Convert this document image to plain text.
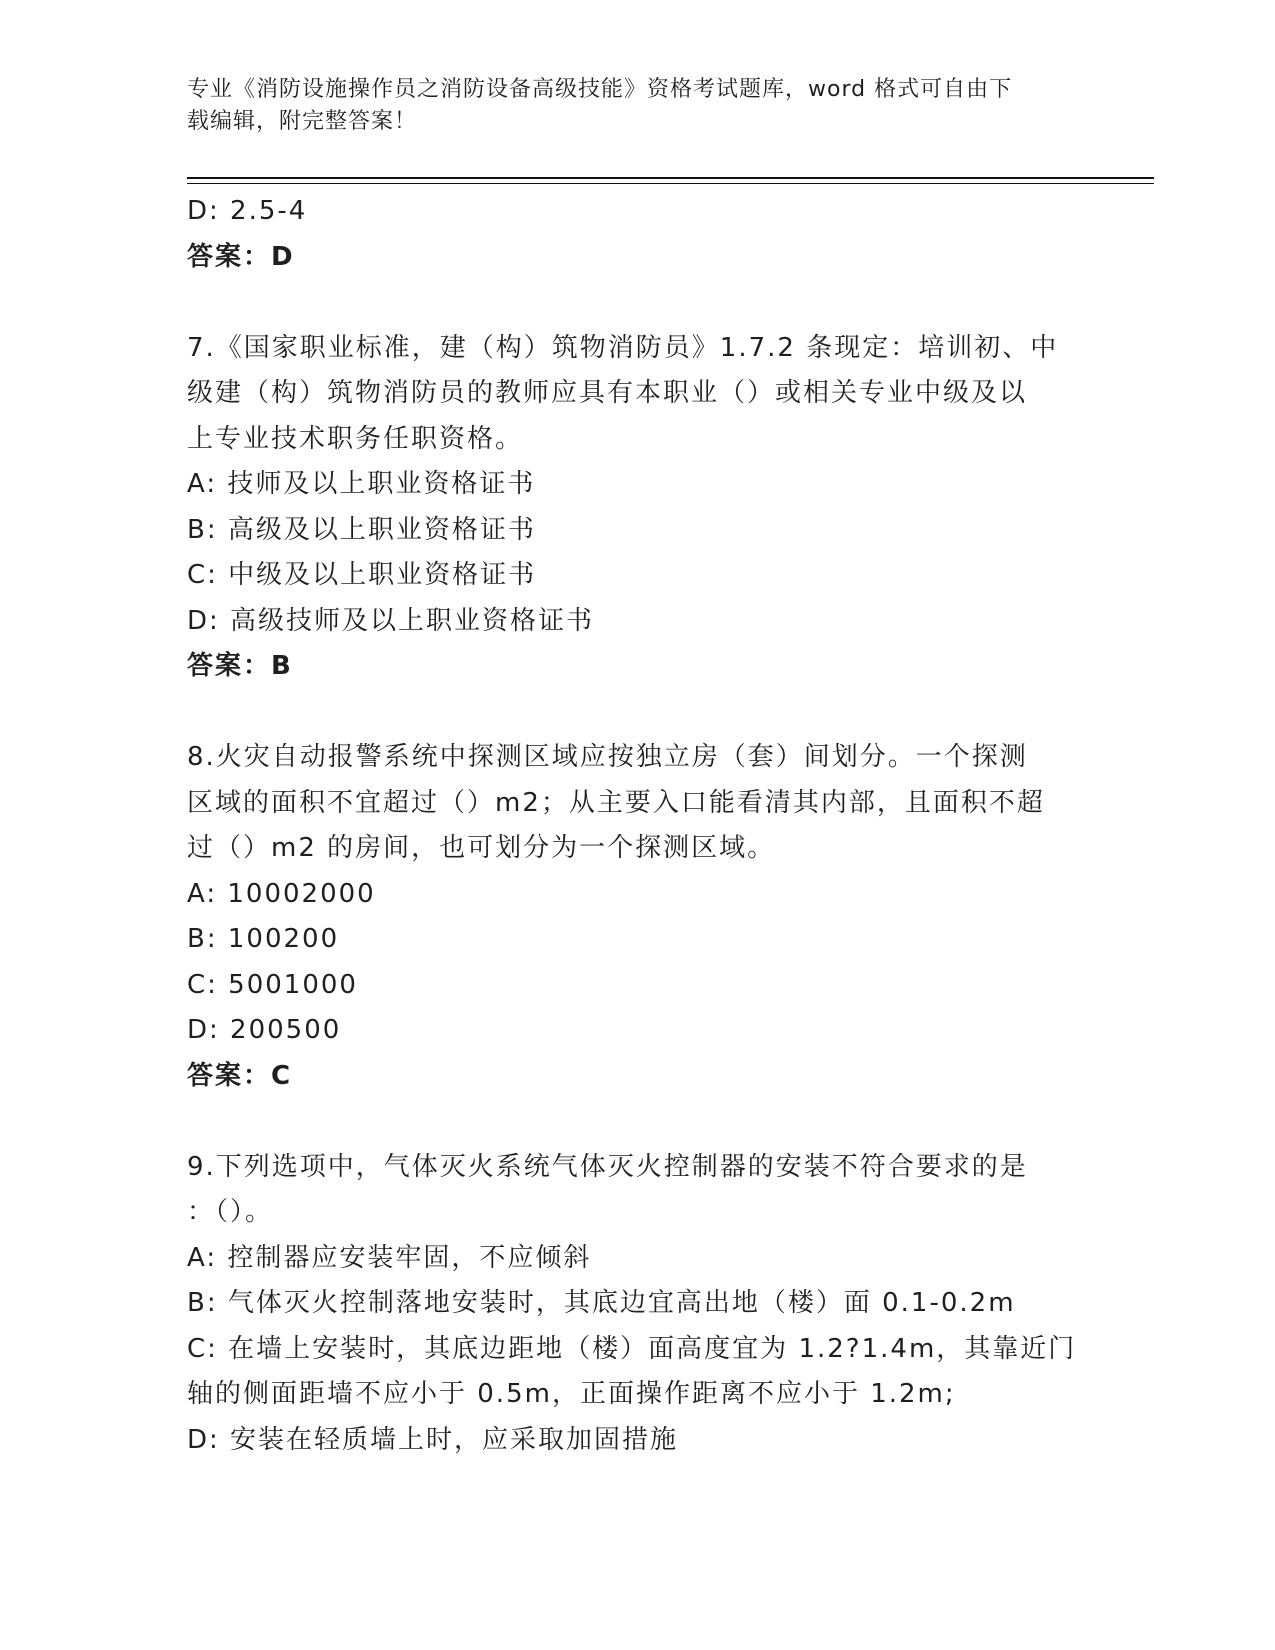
专业《消防设施操作员之消防设备高级技能》资格考试题库，word 格式可自由下
载编辑，附完整答案！
D: 2.5-4
答案：D
7.《国家职业标准，建（构）筑物消防员》1.7.2 条现定：培训初、中
级建（构）筑物消防员的教师应具有本职业（）或相关专业中级及以
上专业技术职务任职资格。
A: 技师及以上职业资格证书
B: 高级及以上职业资格证书
C: 中级及以上职业资格证书
D: 高级技师及以上职业资格证书
答案：B
8.火灾自动报警系统中探测区域应按独立房（套）间划分。一个探测
区域的面积不宜超过（）m2；从主要入口能看清其内部，且面积不超
过（）m2 的房间，也可划分为一个探测区域。
A: 10002000
B: 100200
C: 5001000
D: 200500
答案：C
9.下列选项中，气体灭火系统气体灭火控制器的安装不符合要求的是
：（）。
A: 控制器应安装牢固，不应倾斜
B: 气体灭火控制落地安装时，其底边宜高出地（楼）面 0.1-0.2m
C: 在墙上安装时，其底边距地（楼）面高度宜为 1.2?1.4m，其靠近门
轴的侧面距墙不应小于 0.5m，正面操作距离不应小于 1.2m;
D: 安装在轻质墙上时，应采取加固措施
